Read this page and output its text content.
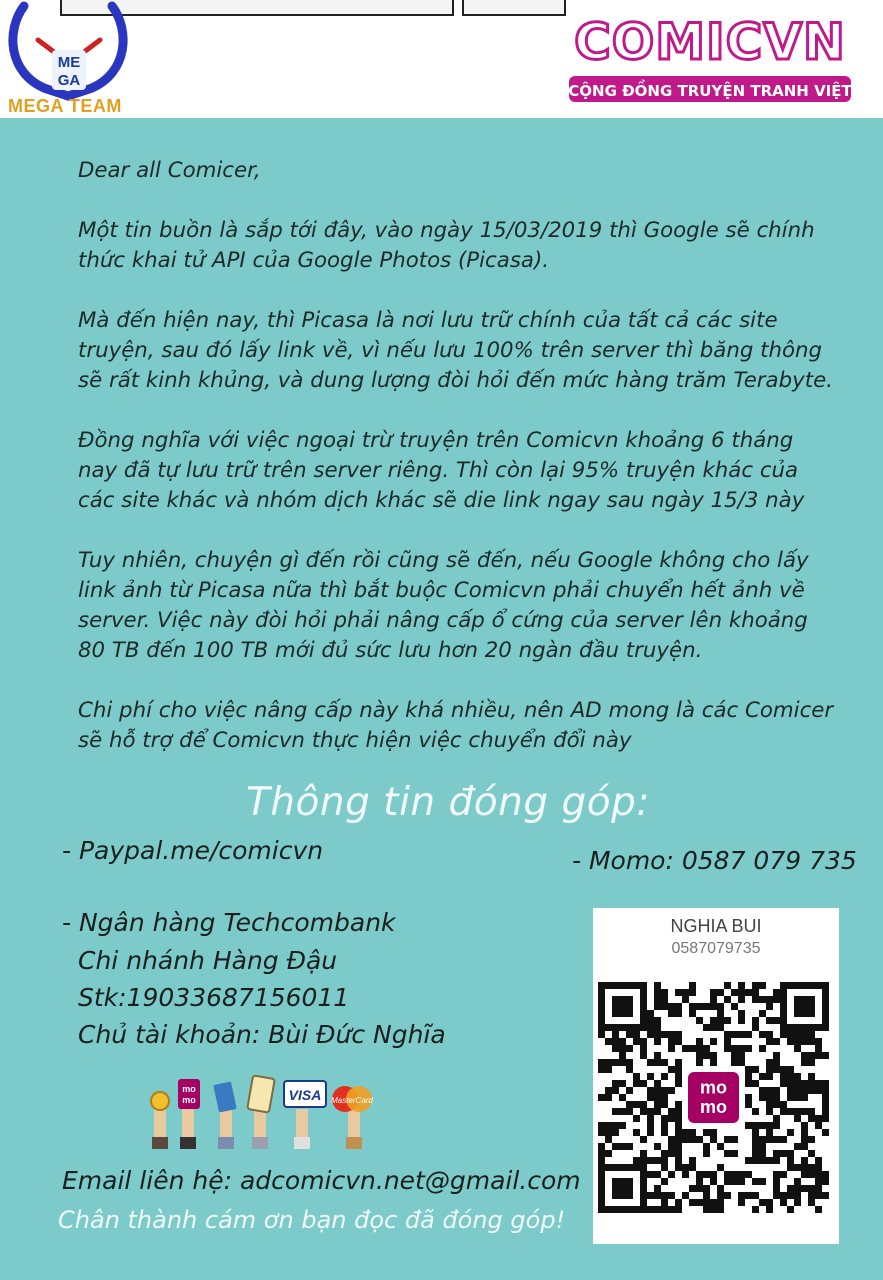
ME
GA
MEGA TEAM
COMICVN
CỘNG ĐỒNG TRUYỆN TRANH VIỆT

Dear all Comicer,

Một tin buồn là sắp tới đây, vào ngày 15/03/2019 thì Google sẽ chính thức khai tử API của Google Photos (Picasa).

Mà đến hiện nay, thì Picasa là nơi lưu trữ chính của tất cả các site truyện, sau đó lấy link về, vì nếu lưu 100% trên server thì băng thông sẽ rất kinh khủng, và dung lượng đòi hỏi đến mức hàng trăm Terabyte.

Đồng nghĩa với việc ngoại trừ truyện trên Comicvn khoảng 6 tháng nay đã tự lưu trữ trên server riêng. Thì còn lại 95% truyện khác của các site khác và nhóm dịch khác sẽ die link ngay sau ngày 15/3 này

Tuy nhiên, chuyện gì đến rồi cũng sẽ đến, nếu Google không cho lấy link ảnh từ Picasa nữa thì bắt buộc Comicvn phải chuyển hết ảnh về server. Việc này đòi hỏi phải nâng cấp ổ cứng của server lên khoảng 80 TB đến 100 TB mới đủ sức lưu hơn 20 ngàn đầu truyện.

Chi phí cho việc nâng cấp này khá nhiều, nên AD mong là các Comicer sẽ hỗ trợ để Comicvn thực hiện việc chuyển đổi này

Thông tin đóng góp:
- Paypal.me/comicvn	- Momo: 0587 079 735
- Ngân hàng Techcombank
Chi nhánh Hàng Đậu
Stk:19033687156011
Chủ tài khoản: Bùi Đức Nghĩa
mo
mo	VISA MasterCard
Email liên hệ: adcomicvn.net@gmail.com
Chân thành cám ơn bạn đọc đã đóng góp!
NGHIA BUI
0587079735
mo
mo
